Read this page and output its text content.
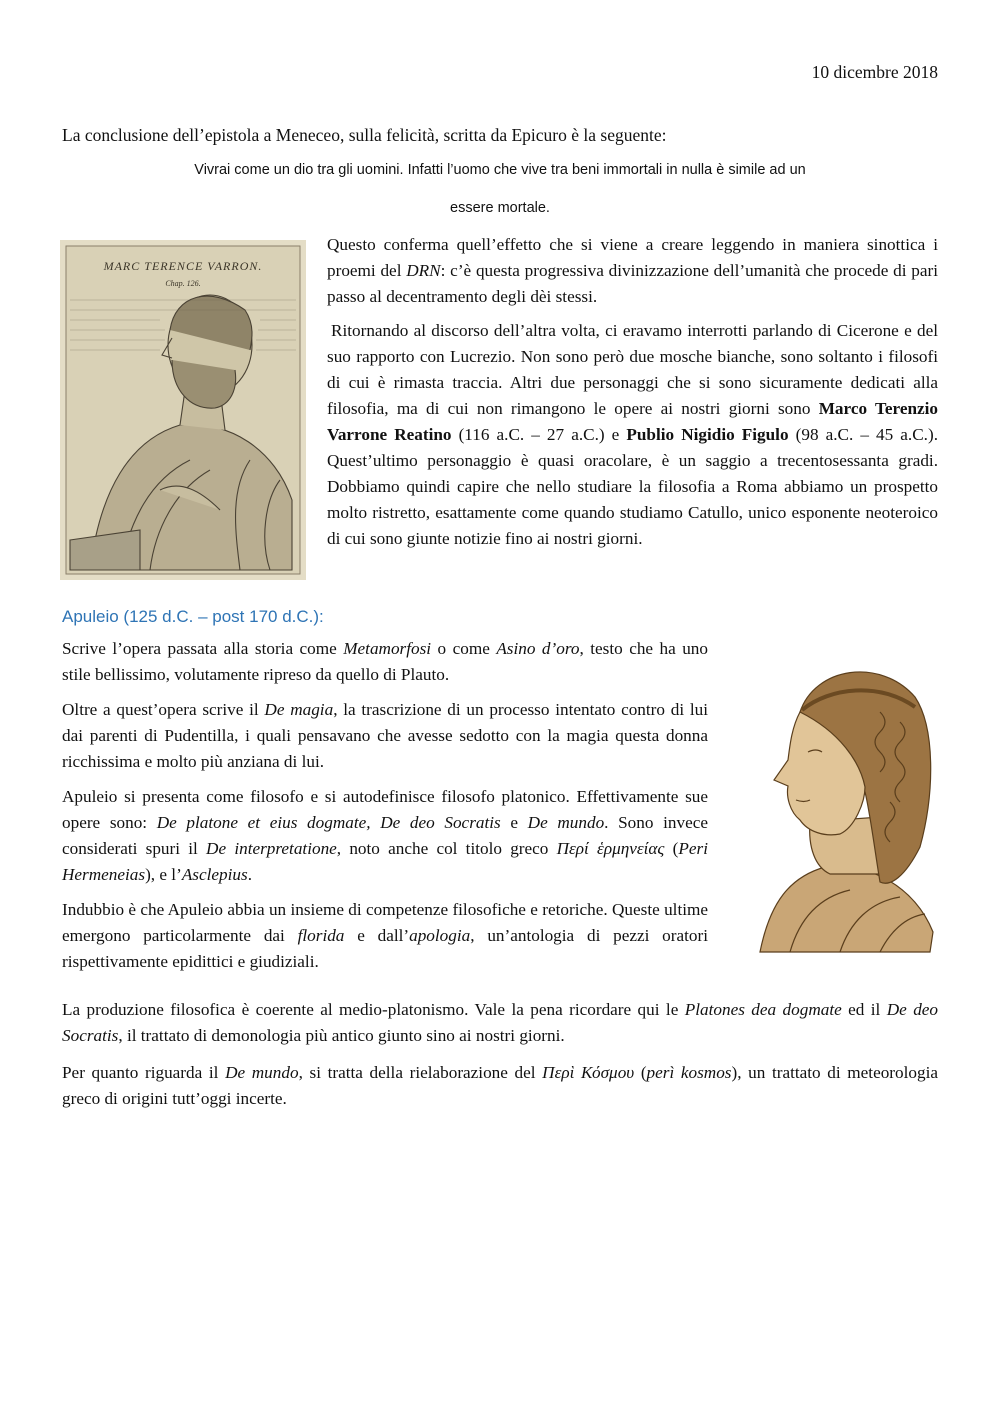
10 dicembre 2018
La conclusione dell’epistola a Meneceo, sulla felicità, scritta da Epicuro è la seguente:
Vivrai come un dio tra gli uomini. Infatti l’uomo che vive tra beni immortali in nulla è simile ad un
essere mortale.
MARC TERENCE VARRON.
Chap. 126.

Questo conferma quell’effetto che si viene a creare leggendo in maniera sinottica i proemi del DRN: c’è questa progressiva divinizzazione dell’umanità che procede di pari passo al decentramento degli dèi stessi.

Ritornando al discorso dell’altra volta, ci eravamo interrotti parlando di Cicerone e del suo rapporto con Lucrezio. Non sono però due mosche bianche, sono soltanto i filosofi di cui è rimasta traccia. Altri due personaggi che si sono sicuramente dedicati alla filosofia, ma di cui non rimangono le opere ai nostri giorni sono Marco Terenzio Varrone Reatino (116 a.C. – 27 a.C.) e Publio Nigidio Figulo (98 a.C. – 45 a.C.). Quest’ultimo personaggio è quasi oracolare, è un saggio a trecentosessanta gradi. Dobbiamo quindi capire che nello studiare la filosofia a Roma abbiamo un prospetto molto ristretto, esattamente come quando studiamo Catullo, unico esponente neoteroico di cui sono giunte notizie fino ai nostri giorni.

Apuleio (125 d.C. – post 170 d.C.):

Scrive l’opera passata alla storia come Metamorfosi o come Asino d’oro, testo che ha uno stile bellissimo, volutamente ripreso da quello di Plauto.

Oltre a quest’opera scrive il De magia, la trascrizione di un processo intentato contro di lui dai parenti di Pudentilla, i quali pensavano che avesse sedotto con la magia questa donna ricchissima e molto più anziana di lui.

Apuleio si presenta come filosofo e si autodefinisce filosofo platonico. Effettivamente sue opere sono: De platone et eius dogmate, De deo Socratis e De mundo. Sono invece considerati spuri il De interpretatione, noto anche col titolo greco Περί ἑρμηνείας (Peri Hermeneias), e l’Asclepius.

Indubbio è che Apuleio abbia un insieme di competenze filosofiche e retoriche. Queste ultime emergono particolarmente dai florida e dall’apologia, un’antologia di pezzi oratori rispettivamente epidittici e giudiziali.

La produzione filosofica è coerente al medio-platonismo. Vale la pena ricordare qui le Platones dea dogmate ed il De deo Socratis, il trattato di demonologia più antico giunto sino ai nostri giorni.

Per quanto riguarda il De mundo, si tratta della rielaborazione del Περὶ Κόσμου (perì kosmos), un trattato di meteorologia greco di origini tutt’oggi incerte.
